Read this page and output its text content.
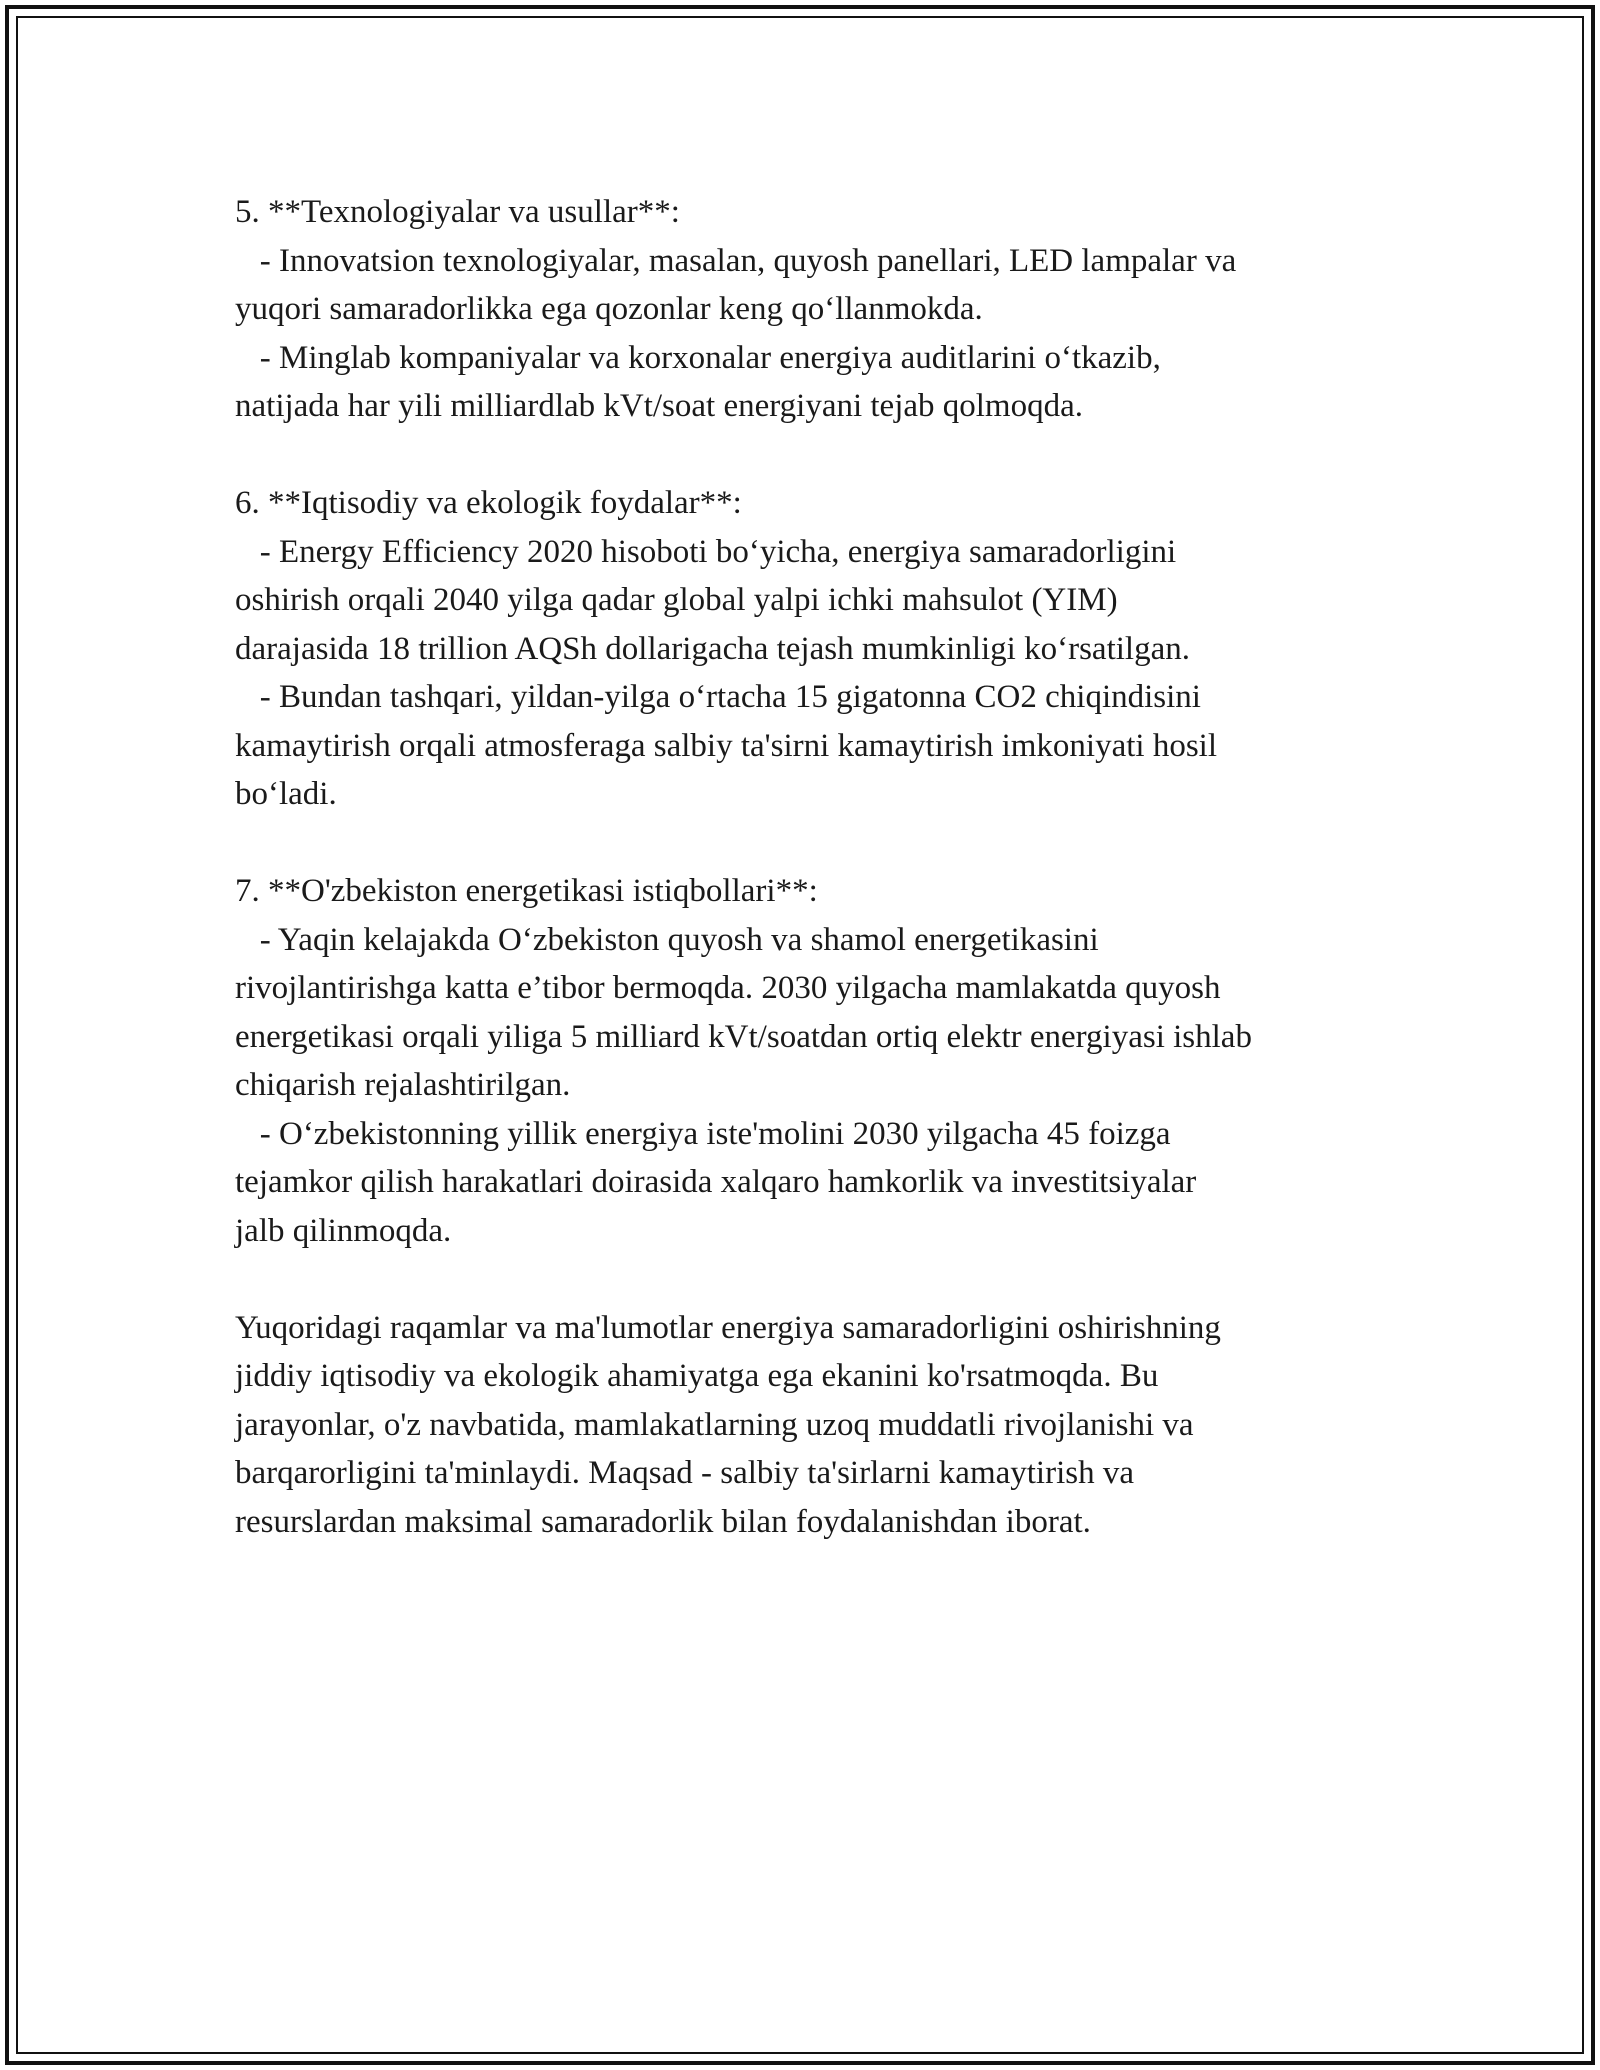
5. **Texnologiyalar va usullar**:
- Innovatsion texnologiyalar, masalan, quyosh panellari, LED lampalar va
yuqori samaradorlikka ega qozonlar keng qo‘llanmokda.
- Minglab kompaniyalar va korxonalar energiya auditlarini o‘tkazib,
natijada har yili milliardlab kVt/soat energiyani tejab qolmoqda.
6. **Iqtisodiy va ekologik foydalar**:
- Energy Efficiency 2020 hisoboti bo‘yicha, energiya samaradorligini
oshirish orqali 2040 yilga qadar global yalpi ichki mahsulot (YIM)
darajasida 18 trillion AQSh dollarigacha tejash mumkinligi ko‘rsatilgan.
- Bundan tashqari, yildan-yilga o‘rtacha 15 gigatonna CO2 chiqindisini
kamaytirish orqali atmosferaga salbiy ta'sirni kamaytirish imkoniyati hosil
bo‘ladi.
7. **O'zbekiston energetikasi istiqbollari**:
- Yaqin kelajakda O‘zbekiston quyosh va shamol energetikasini
rivojlantirishga katta e’tibor bermoqda. 2030 yilgacha mamlakatda quyosh
energetikasi orqali yiliga 5 milliard kVt/soatdan ortiq elektr energiyasi ishlab
chiqarish rejalashtirilgan.
- O‘zbekistonning yillik energiya iste'molini 2030 yilgacha 45 foizga
tejamkor qilish harakatlari doirasida xalqaro hamkorlik va investitsiyalar
jalb qilinmoqda.
Yuqoridagi raqamlar va ma'lumotlar energiya samaradorligini oshirishning
jiddiy iqtisodiy va ekologik ahamiyatga ega ekanini ko'rsatmoqda. Bu
jarayonlar, o'z navbatida, mamlakatlarning uzoq muddatli rivojlanishi va
barqarorligini ta'minlaydi. Maqsad - salbiy ta'sirlarni kamaytirish va
resurslardan maksimal samaradorlik bilan foydalanishdan iborat.
